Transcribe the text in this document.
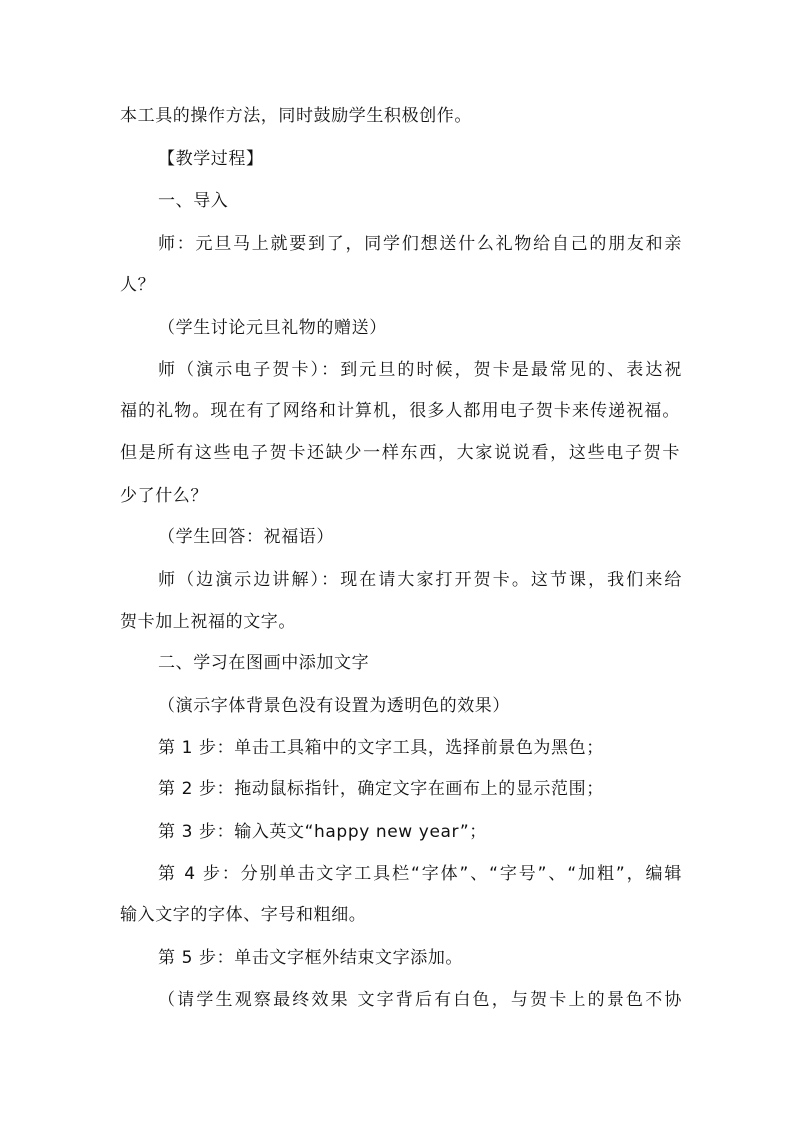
本工具的操作方法，同时鼓励学生积极创作。
【教学过程】
一、导入
师：元旦马上就要到了，同学们想送什么礼物给自己的朋友和亲
人？
（学生讨论元旦礼物的赠送）
师（演示电子贺卡）：到元旦的时候，贺卡是最常见的、表达祝
福的礼物。现在有了网络和计算机，很多人都用电子贺卡来传递祝福。
但是所有这些电子贺卡还缺少一样东西，大家说说看，这些电子贺卡
少了什么？
（学生回答：祝福语）
师（边演示边讲解）：现在请大家打开贺卡。这节课，我们来给
贺卡加上祝福的文字。
二、学习在图画中添加文字
（演示字体背景色没有设置为透明色的效果）
第 1 步：单击工具箱中的文字工具，选择前景色为黑色；
第 2 步：拖动鼠标指针，确定文字在画布上的显示范围；
第 3 步：输入英文“happy new year”；
第 4 步：分别单击文字工具栏“字体”、“字号”、“加粗”，编辑
输入文字的字体、字号和粗细。
第 5 步：单击文字框外结束文字添加。
（请学生观察最终效果 文字背后有白色，与贺卡上的景色不协
